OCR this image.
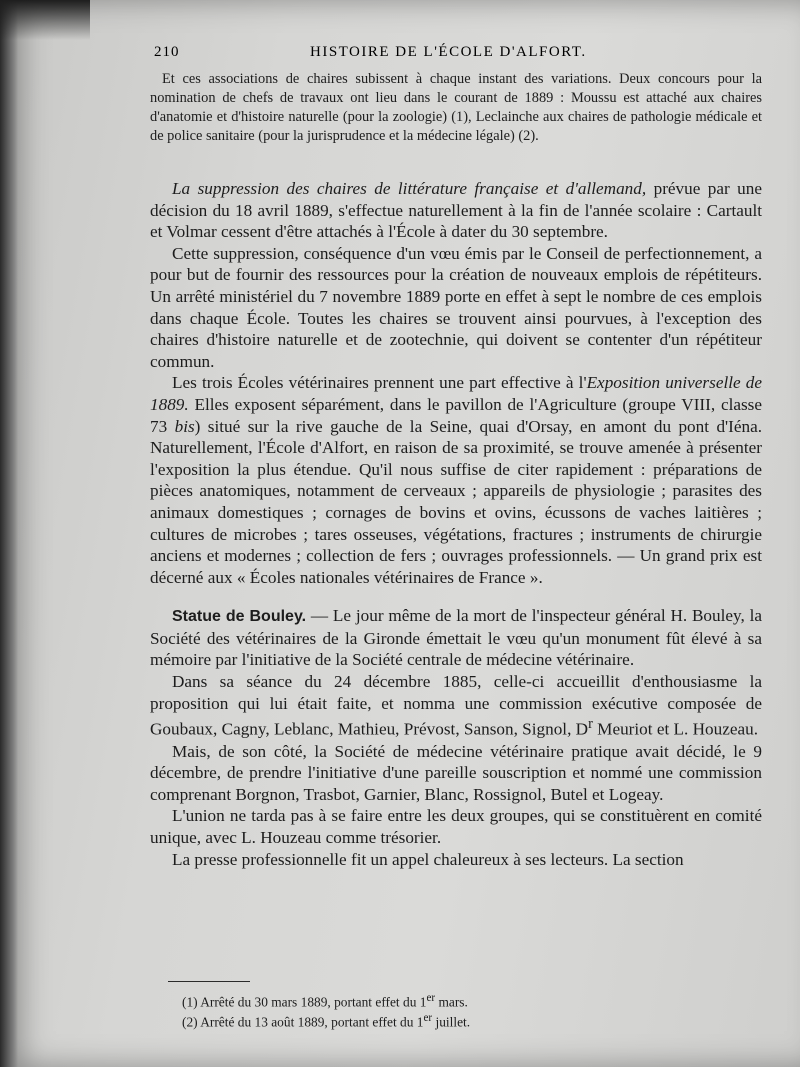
210	HISTOIRE DE L'ÉCOLE D'ALFORT.

Et ces associations de chaires subissent à chaque instant des variations. Deux concours pour la nomination de chefs de travaux ont lieu dans le courant de 1889 : Moussu est attaché aux chaires d'anatomie et d'histoire naturelle (pour la zoologie) (1), Leclainche aux chaires de pathologie médicale et de police sanitaire (pour la jurisprudence et la médecine légale) (2).

La suppression des chaires de littérature française et d'allemand, prévue par une décision du 18 avril 1889, s'effectue naturellement à la fin de l'année scolaire : Cartault et Volmar cessent d'être attachés à l'École à dater du 30 septembre.

Cette suppression, conséquence d'un vœu émis par le Conseil de perfectionnement, a pour but de fournir des ressources pour la création de nouveaux emplois de répétiteurs. Un arrêté ministériel du 7 novembre 1889 porte en effet à sept le nombre de ces emplois dans chaque École. Toutes les chaires se trouvent ainsi pourvues, à l'exception des chaires d'histoire naturelle et de zootechnie, qui doivent se contenter d'un répétiteur commun.

Les trois Écoles vétérinaires prennent une part effective à l'Exposition universelle de 1889. Elles exposent séparément, dans le pavillon de l'Agriculture (groupe VIII, classe 73 bis) situé sur la rive gauche de la Seine, quai d'Orsay, en amont du pont d'Iéna. Naturellement, l'École d'Alfort, en raison de sa proximité, se trouve amenée à présenter l'exposition la plus étendue. Qu'il nous suffise de citer rapidement : préparations de pièces anatomiques, notamment de cerveaux ; appareils de physiologie ; parasites des animaux domestiques ; cornages de bovins et ovins, écussons de vaches laitières ; cultures de microbes ; tares osseuses, végétations, fractures ; instruments de chirurgie anciens et modernes ; collection de fers ; ouvrages professionnels. — Un grand prix est décerné aux « Écoles nationales vétérinaires de France ».

Statue de Bouley. — Le jour même de la mort de l'inspecteur général H. Bouley, la Société des vétérinaires de la Gironde émettait le vœu qu'un monument fût élevé à sa mémoire par l'initiative de la Société centrale de médecine vétérinaire.

Dans sa séance du 24 décembre 1885, celle-ci accueillit d'enthousiasme la proposition qui lui était faite, et nomma une commission exécutive composée de Goubaux, Cagny, Leblanc, Mathieu, Prévost, Sanson, Signol, $D^r$ Meuriot et L. Houzeau.

Mais, de son côté, la Société de médecine vétérinaire pratique avait décidé, le 9 décembre, de prendre l'initiative d'une pareille souscription et nommé une commission comprenant Borgnon, Trasbot, Garnier, Blanc, Rossignol, Butel et Logeay.

L'union ne tarda pas à se faire entre les deux groupes, qui se constituèrent en comité unique, avec L. Houzeau comme trésorier.

La presse professionnelle fit un appel chaleureux à ses lecteurs. La section

(1) Arrêté du 30 mars 1889, portant effet du 1er mars.
(2) Arrêté du 13 août 1889, portant effet du 1er juillet.
